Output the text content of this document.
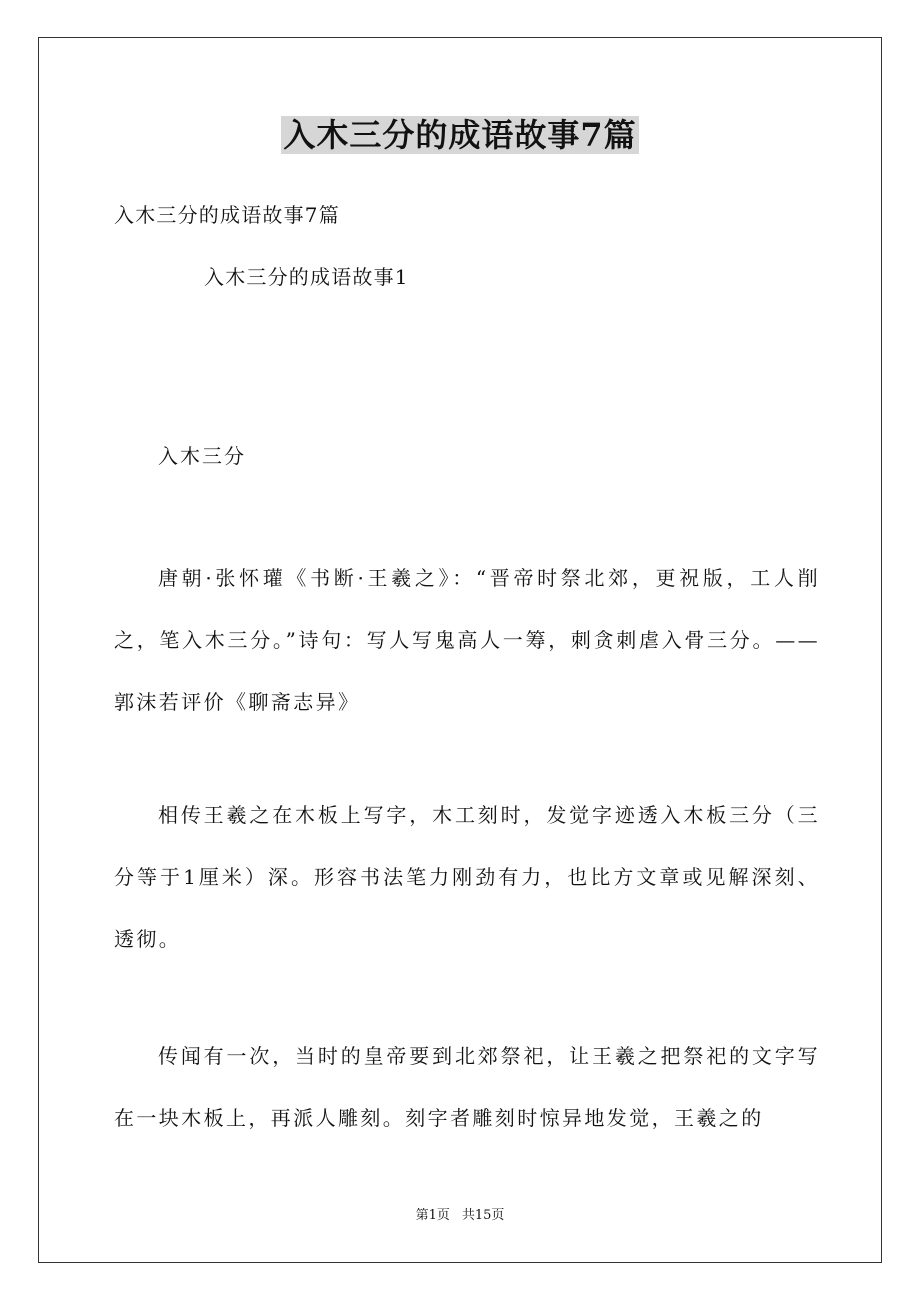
入木三分的成语故事7篇

入木三分的成语故事7篇

入木三分的成语故事1

入木三分

唐朝·张怀瓘《书断·王羲之》：“晋帝时祭北郊，更祝版，工人削之，笔入木三分。”诗句：写人写鬼高人一筹，刺贪刺虐入骨三分。——郭沫若评价《聊斋志异》

相传王羲之在木板上写字，木工刻时，发觉字迹透入木板三分（三分等于1厘米）深。形容书法笔力刚劲有力，也比方文章或见解深刻、透彻。

传闻有一次，当时的皇帝要到北郊祭祀，让王羲之把祭祀的文字写在一块木板上，再派人雕刻。刻字者雕刻时惊异地发觉，王羲之的

第1页 共15页
